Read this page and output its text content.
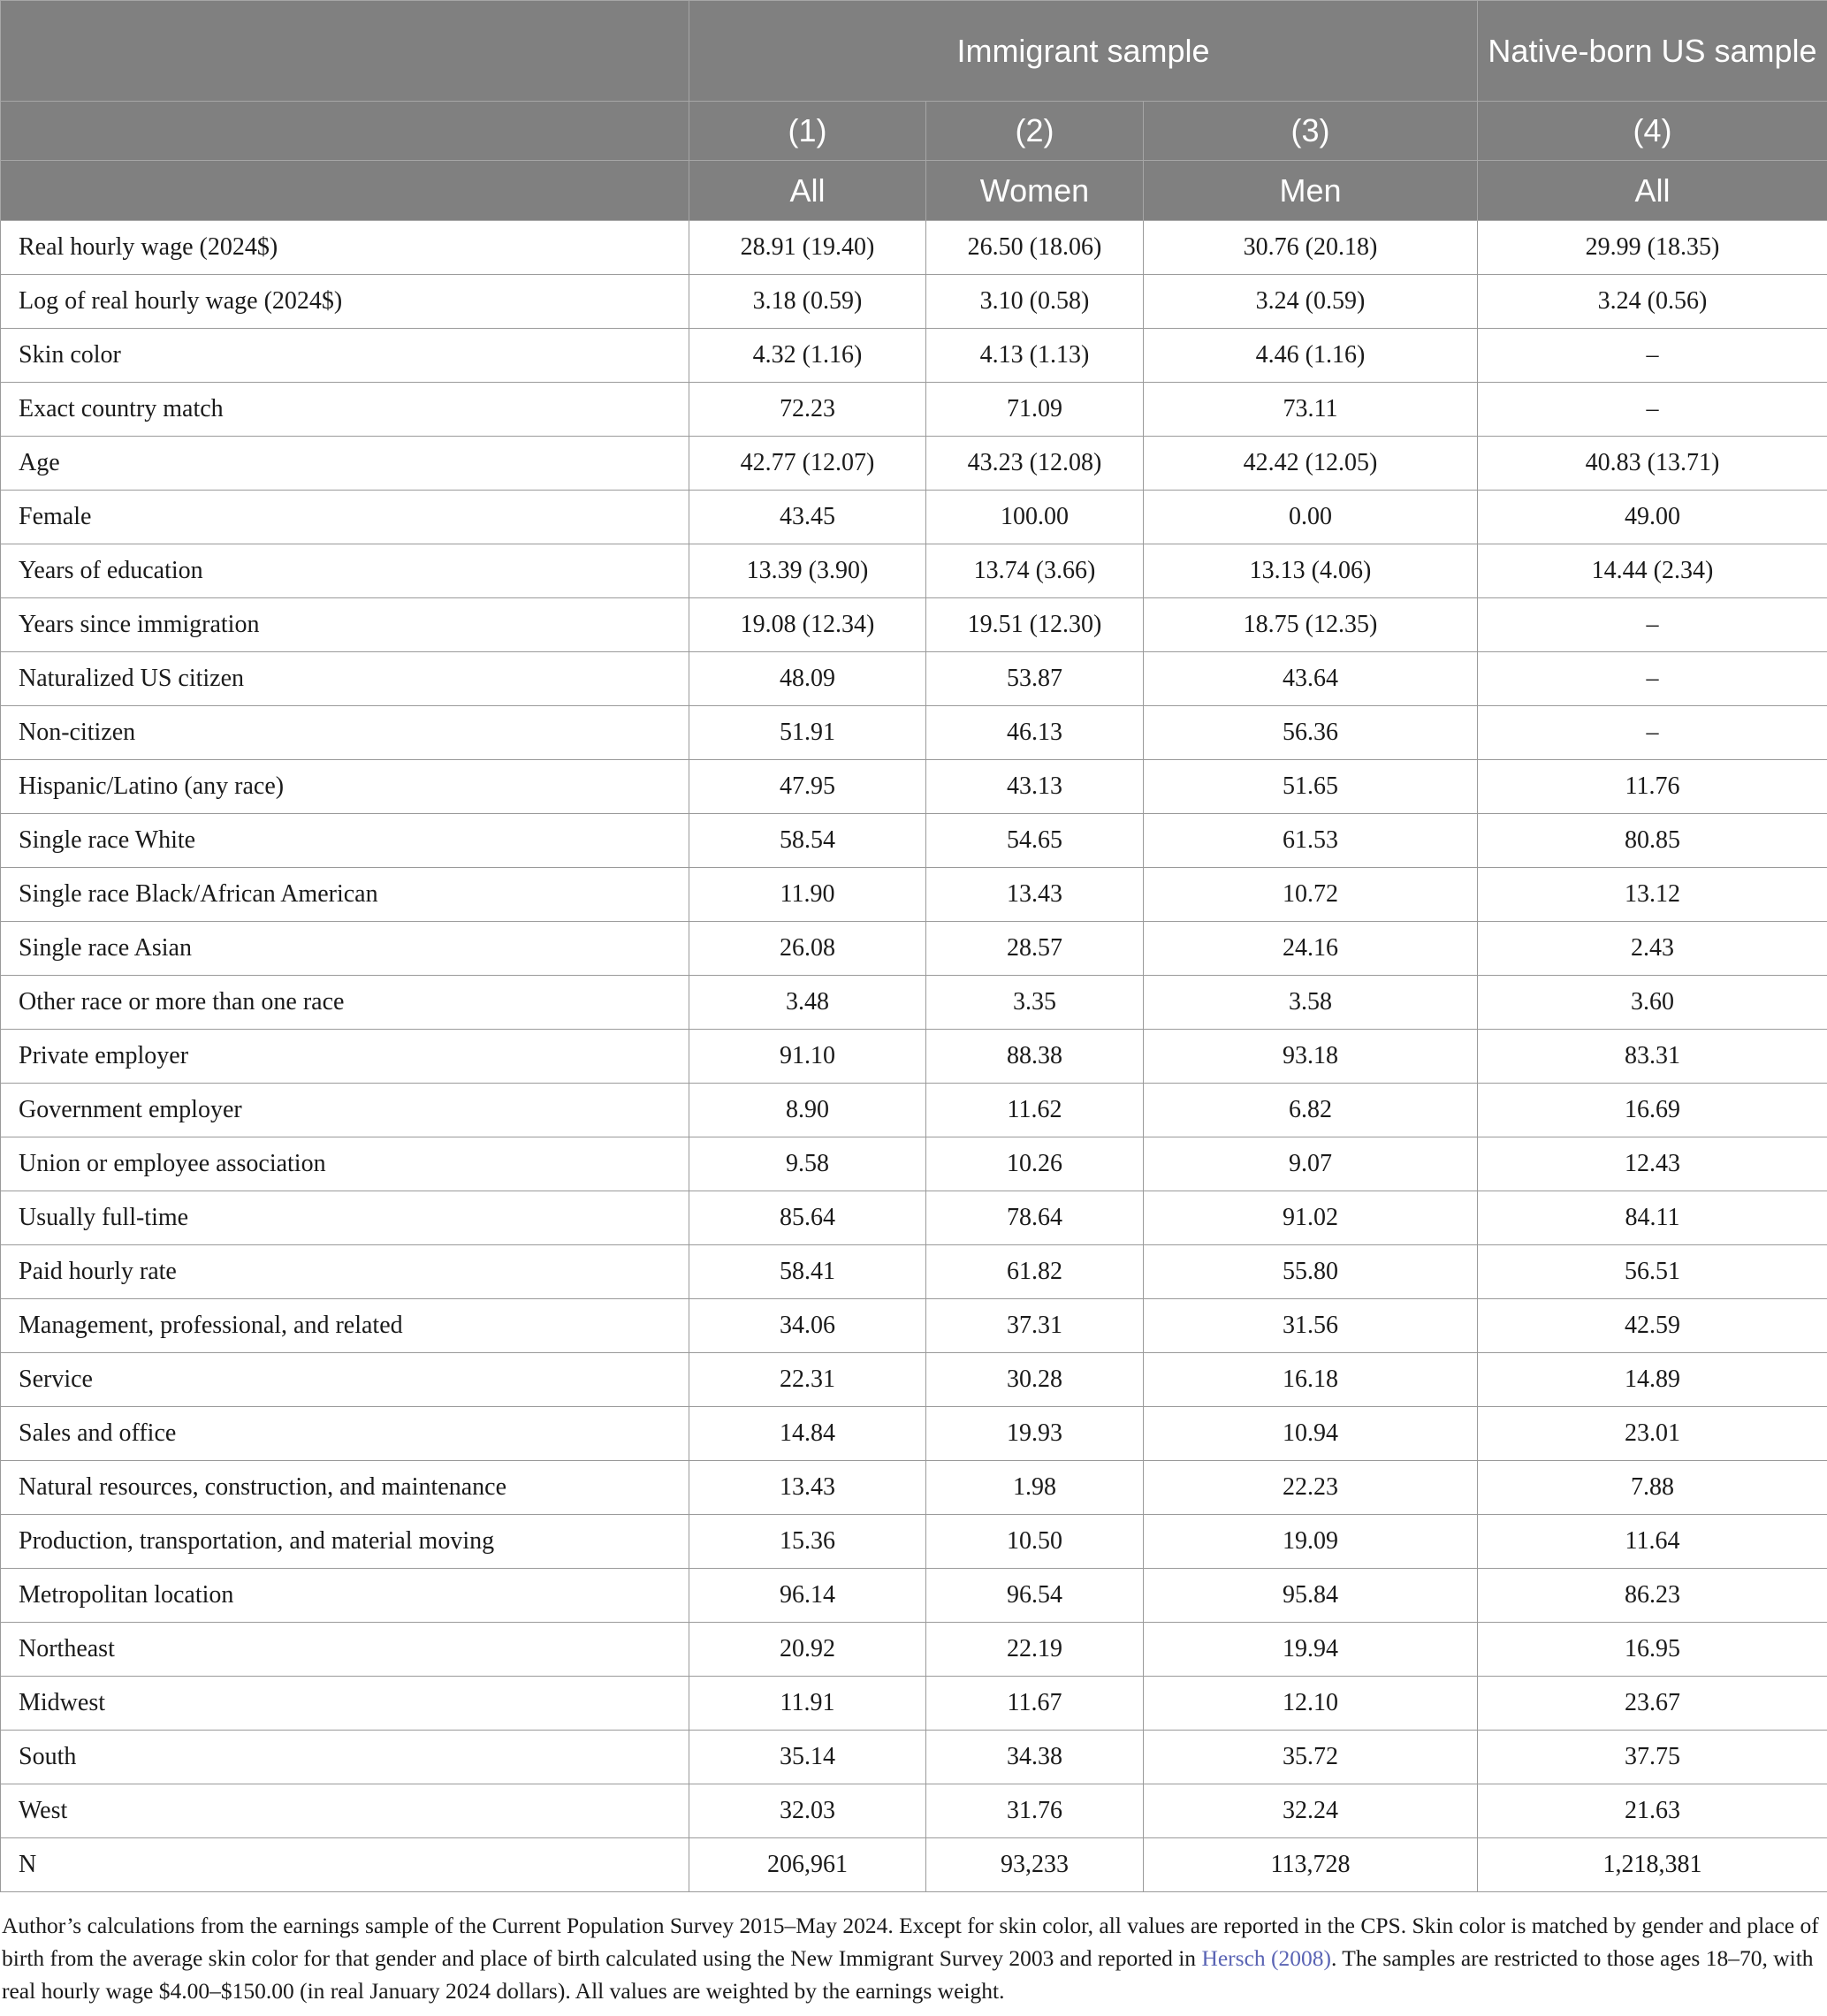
	Immigrant sample			Native-born US sample
	(1)	(2)	(3)	(4)
	All	Women	Men	All
Real hourly wage (2024$)	28.91 (19.40)	26.50 (18.06)	30.76 (20.18)	29.99 (18.35)
Log of real hourly wage (2024$)	3.18 (0.59)	3.10 (0.58)	3.24 (0.59)	3.24 (0.56)
Skin color	4.32 (1.16)	4.13 (1.13)	4.46 (1.16)	–
Exact country match	72.23	71.09	73.11	–
Age	42.77 (12.07)	43.23 (12.08)	42.42 (12.05)	40.83 (13.71)
Female	43.45	100.00	0.00	49.00
Years of education	13.39 (3.90)	13.74 (3.66)	13.13 (4.06)	14.44 (2.34)
Years since immigration	19.08 (12.34)	19.51 (12.30)	18.75 (12.35)	–
Naturalized US citizen	48.09	53.87	43.64	–
Non-citizen	51.91	46.13	56.36	–
Hispanic/Latino (any race)	47.95	43.13	51.65	11.76
Single race White	58.54	54.65	61.53	80.85
Single race Black/African American	11.90	13.43	10.72	13.12
Single race Asian	26.08	28.57	24.16	2.43
Other race or more than one race	3.48	3.35	3.58	3.60
Private employer	91.10	88.38	93.18	83.31
Government employer	8.90	11.62	6.82	16.69
Union or employee association	9.58	10.26	9.07	12.43
Usually full-time	85.64	78.64	91.02	84.11
Paid hourly rate	58.41	61.82	55.80	56.51
Management, professional, and related	34.06	37.31	31.56	42.59
Service	22.31	30.28	16.18	14.89
Sales and office	14.84	19.93	10.94	23.01
Natural resources, construction, and maintenance	13.43	1.98	22.23	7.88
Production, transportation, and material moving	15.36	10.50	19.09	11.64
Metropolitan location	96.14	96.54	95.84	86.23
Northeast	20.92	22.19	19.94	16.95
Midwest	11.91	11.67	12.10	23.67
South	35.14	34.38	35.72	37.75
West	32.03	31.76	32.24	21.63
N	206,961	93,233	113,728	1,218,381
Author’s calculations from the earnings sample of the Current Population Survey 2015–May 2024. Except for skin color, all values are reported in the CPS. Skin color is matched by gender and place of birth from the average skin color for that gender and place of birth calculated using the New Immigrant Survey 2003 and reported in Hersch (2008). The samples are restricted to those ages 18–70, with real hourly wage $4.00–$150.00 (in real January 2024 dollars). All values are weighted by the earnings weight.
